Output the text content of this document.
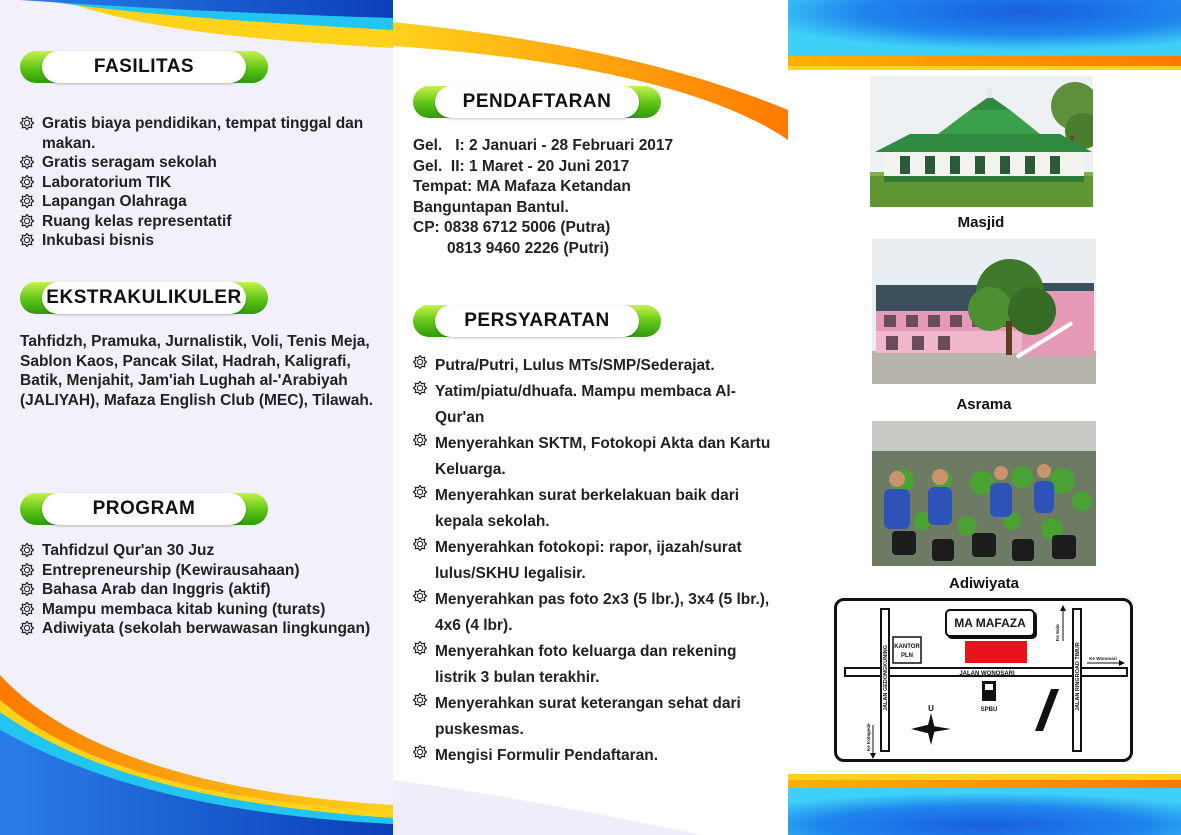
FASILITAS
Gratis biaya pendidikan, tempat tinggal dan makan.
Gratis seragam sekolah
Laboratorium TIK
Lapangan Olahraga
Ruang kelas representatif
Inkubasi bisnis
EKSTRAKULIKULER

Tahfidzh, Pramuka, Jurnalistik, Voli, Tenis Meja, Sablon Kaos, Pancak Silat, Hadrah, Kaligrafi, Batik, Menjahit, Jam'iah Lughah al-'Arabiyah (JALIYAH), Mafaza English Club (MEC), Tilawah.

PROGRAM
Tahfidzul Qur'an 30 Juz
Entrepreneurship (Kewirausahaan)
Bahasa Arab dan Inggris (aktif)
Mampu membaca kitab kuning (turats)
Adiwiyata (sekolah berwawasan lingkungan)
PENDAFTARAN
Gel.   I: 2 Januari - 28 Februari 2017
Gel.  II: 1 Maret - 20 Juni 2017
Tempat: MA Mafaza Ketandan
Banguntapan Bantul.
CP: 0838 6712 5006 (Putra)
0813 9460 2226 (Putri)
PERSYARATAN
Putra/Putri, Lulus MTs/SMP/Sederajat.
Yatim/piatu/dhuafa. Mampu membaca Al-Qur'an
Menyerahkan SKTM, Fotokopi Akta dan Kartu Keluarga.
Menyerahkan surat berkelakuan baik dari kepala sekolah.
Menyerahkan fotokopi: rapor, ijazah/surat lulus/SKHU legalisir.
Menyerahkan pas foto 2x3 (5 lbr.), 3x4 (5 lbr.), 4x6 (4 lbr).
Menyerahkan foto keluarga dan rekening listrik 3 bulan terakhir.
Menyerahkan surat keterangan sehat dari puskesmas.
Mengisi Formulir Pendaftaran.
Masjid
Asrama
Adiwiyata
KANTOR
PLN
JALAN WONOSARI
SPBU
U
Ke Wonosari
JALAN GEDONGKUNING	JALAN RINGROAD TIMUR
Ke Solo
Ke Kotagede
MA MAFAZA
